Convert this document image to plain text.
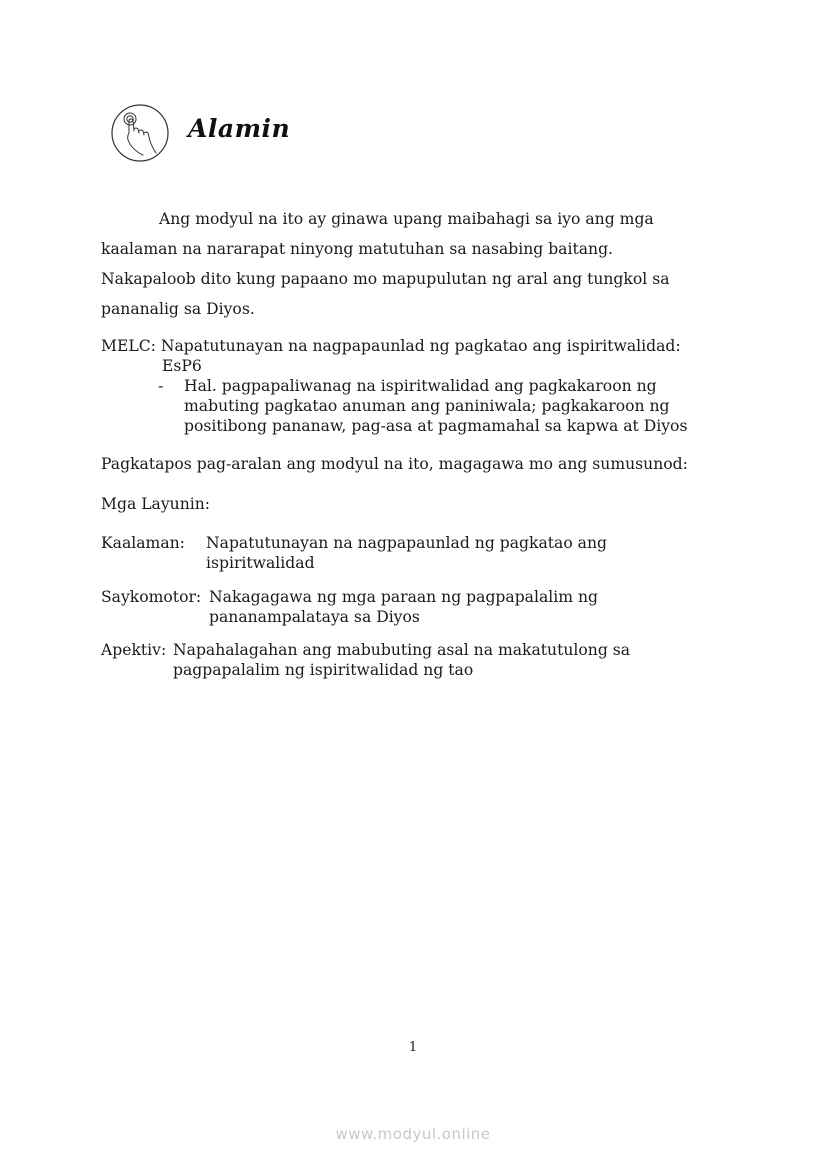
Alamin
Ang modyul na ito ay ginawa upang maibahagi sa iyo ang mga
kaalaman na nararapat ninyong matutuhan sa nasabing baitang.
Nakapaloob dito kung papaano mo mapupulutan ng aral ang tungkol sa
pananalig sa Diyos.
MELC: Napatutunayan na nagpapaunlad ng pagkatao ang ispiritwalidad:
EsP6
-	Hal. pagpapaliwanag na ispiritwalidad ang pagkakaroon ng mabuting pagkatao anuman ang paniniwala; pagkakaroon ng positibong pananaw, pag-asa at pagmamahal sa kapwa at Diyos
Pagkatapos pag-aralan ang modyul na ito, magagawa mo ang sumusunod:
Mga Layunin:
Kaalaman:	Napatutunayan na nagpapaunlad ng pagkatao ang ispiritwalidad
Saykomotor: Nakagagawa ng mga paraan ng pagpapalalim ng pananampalataya sa Diyos
Apektiv: Napahalagahan ang mabubuting asal na makatutulong sa pagpapalalim ng ispiritwalidad ng tao
1
www.modyul.online
